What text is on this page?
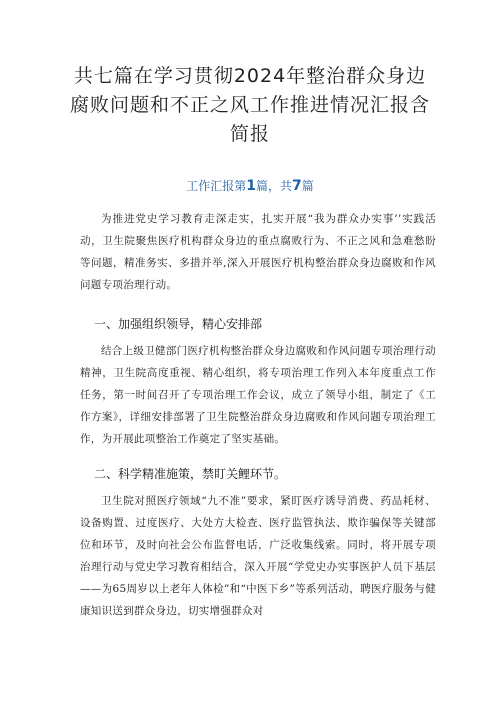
共七篇在学习贯彻2024年整治群众身边腐败问题和不正之风工作推进情况汇报含简报
工作汇报第1篇，共7篇

为推进党史学习教育走深走实，扎实开展“我为群众办实事’’实践活动，卫生院聚焦医疗机构群众身边的重点腐败行为、不正之风和急难愁盼等问题，精准务实、多措并举,深入开展医疗机构整治群众身边腐败和作风问题专项治理行动。

一、加强组织领导，精心安排部

结合上级卫健部门医疗机构整治群众身边腐败和作风问题专项治理行动精神，卫生院高度重视、精心组织，将专项治理工作列入本年度重点工作任务，第一时间召开了专项治理工作会议，成立了领导小组，制定了《工作方案》，详细安排部署了卫生院整治群众身边腐败和作风问题专项治理工作，为开展此项整治工作奠定了坚实基础。

二、科学精准施策，禁盯关鲤环节。

卫生院对照医疗领域“九不准”要求，紧盯医疗诱导消费、药品耗材、设备购置、过度医疗、大处方大检查、医疗监管执法、欺诈骗保等关键部位和环节，及时向社会公布监督电话，广泛收集线索。同时，将开展专项治理行动与党史学习教育相结合，深入开展“学党史办实事医护人员下基层——为65周岁以上老年人体检”和“中医下乡”等系列活动，聘医疗服务与健康知识送到群众身边，切实增强群众对
